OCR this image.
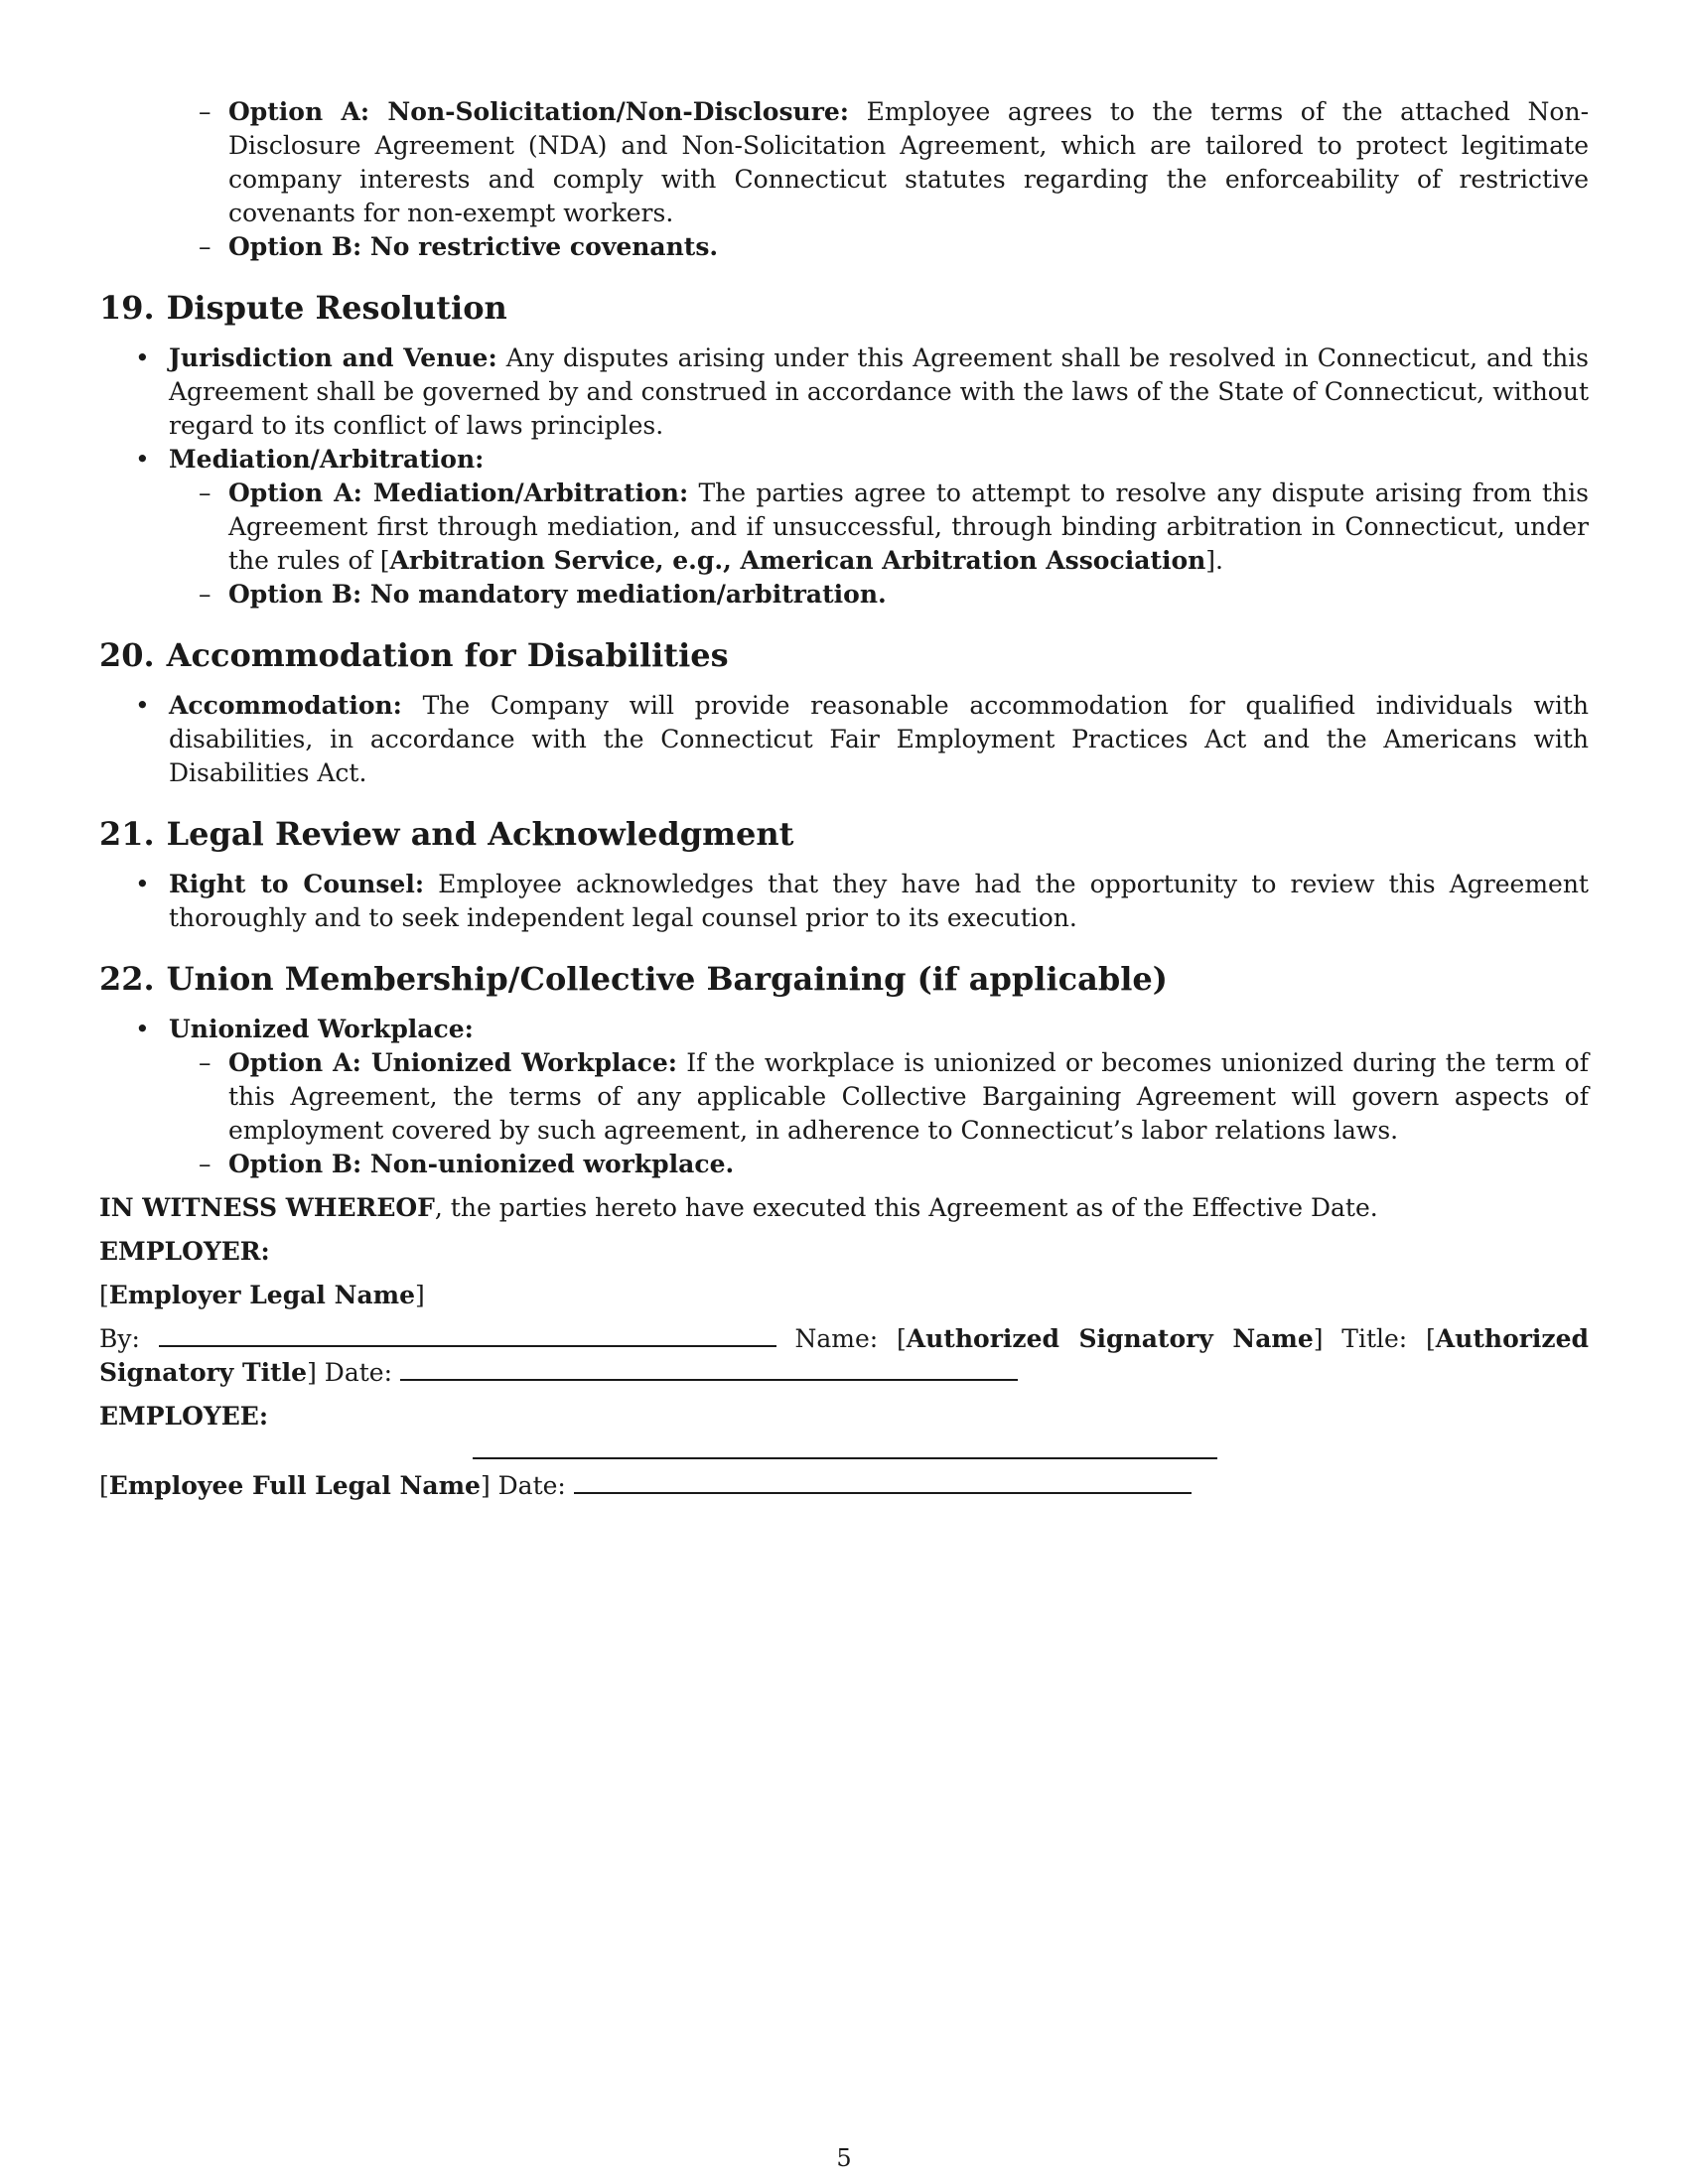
– Option A: Non-Solicitation/Non-Disclosure: Employee agrees to the terms of the attached Non-Disclosure Agreement (NDA) and Non-Solicitation Agreement, which are tailored to protect legitimate company interests and comply with Connecticut statutes regarding the enforceability of restrictive covenants for non-exempt workers.
– Option B: No restrictive covenants.
19. Dispute Resolution
• Jurisdiction and Venue: Any disputes arising under this Agreement shall be resolved in Connecticut, and this Agreement shall be governed by and construed in accordance with the laws of the State of Connecticut, without regard to its conflict of laws principles.
• Mediation/Arbitration:
– Option A: Mediation/Arbitration: The parties agree to attempt to resolve any dispute arising from this Agreement first through mediation, and if unsuccessful, through binding arbitration in Connecticut, under the rules of [Arbitration Service, e.g., American Arbitration Association].
– Option B: No mandatory mediation/arbitration.
20. Accommodation for Disabilities
• Accommodation: The Company will provide reasonable accommodation for qualified individuals with disabilities, in accordance with the Connecticut Fair Employment Practices Act and the Americans with Disabilities Act.
21. Legal Review and Acknowledgment
• Right to Counsel: Employee acknowledges that they have had the opportunity to review this Agreement thoroughly and to seek independent legal counsel prior to its execution.
22. Union Membership/Collective Bargaining (if applicable)
• Unionized Workplace:
– Option A: Unionized Workplace: If the workplace is unionized or becomes unionized during the term of this Agreement, the terms of any applicable Collective Bargaining Agreement will govern aspects of employment covered by such agreement, in adherence to Connecticut’s labor relations laws.
– Option B: Non-unionized workplace.
IN WITNESS WHEREOF, the parties hereto have executed this Agreement as of the Effective Date.
EMPLOYER:
[Employer Legal Name]
By:	Name: [Authorized Signatory Name] Title: [Authorized Signatory Title] Date:
EMPLOYEE:
[Employee Full Legal Name] Date:
5
